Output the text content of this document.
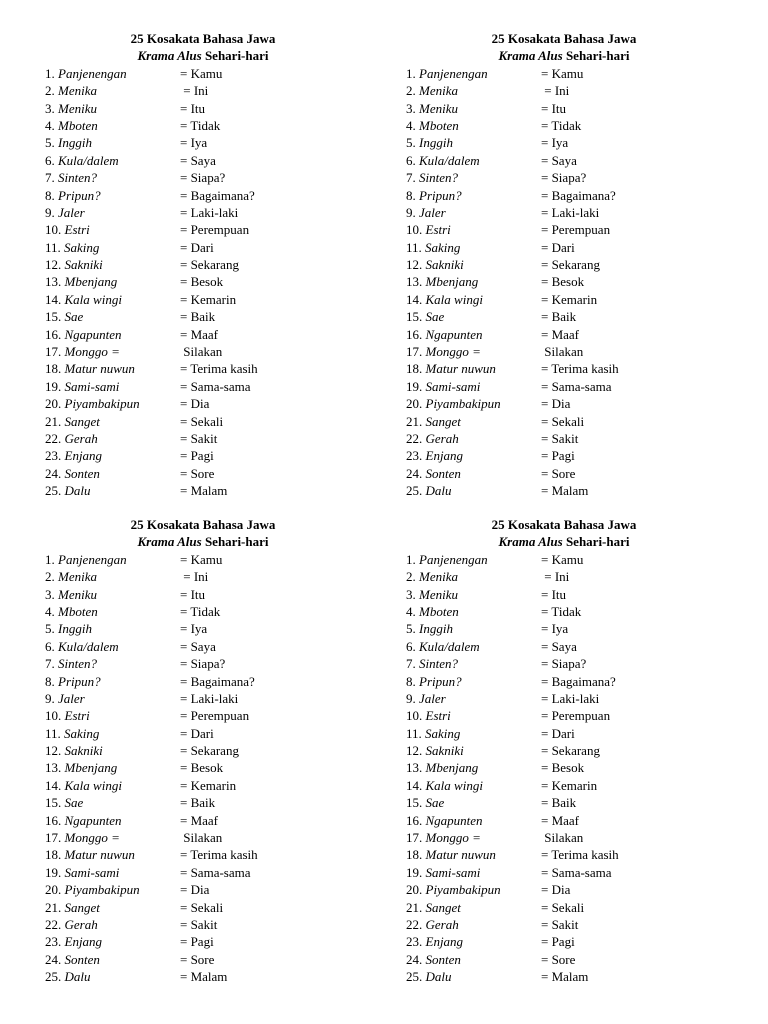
25 Kosakata Bahasa Jawa
Krama Alus Sehari-hari
1. Panjenengan	= Kamu
2. Menika	= Ini
3. Meniku	= Itu
4. Mboten	= Tidak
5. Inggih	= Iya
6. Kula/dalem	= Saya
7. Sinten?	= Siapa?
8. Pripun?	= Bagaimana?
9. Jaler	= Laki-laki
10. Estri	= Perempuan
11. Saking	= Dari
12. Sakniki	= Sekarang
13. Mbenjang	= Besok
14. Kala wingi	= Kemarin
15. Sae	= Baik
16. Ngapunten	= Maaf
17. Monggo =	Silakan
18. Matur nuwun	= Terima kasih
19. Sami-sami	= Sama-sama
20. Piyambakipun	= Dia
21. Sanget	= Sekali
22. Gerah	= Sakit
23. Enjang	= Pagi
24. Sonten	= Sore
25. Dalu	= Malam
25 Kosakata Bahasa Jawa
Krama Alus Sehari-hari
1. Panjenengan	= Kamu
2. Menika	= Ini
3. Meniku	= Itu
4. Mboten	= Tidak
5. Inggih	= Iya
6. Kula/dalem	= Saya
7. Sinten?	= Siapa?
8. Pripun?	= Bagaimana?
9. Jaler	= Laki-laki
10. Estri	= Perempuan
11. Saking	= Dari
12. Sakniki	= Sekarang
13. Mbenjang	= Besok
14. Kala wingi	= Kemarin
15. Sae	= Baik
16. Ngapunten	= Maaf
17. Monggo =	Silakan
18. Matur nuwun	= Terima kasih
19. Sami-sami	= Sama-sama
20. Piyambakipun	= Dia
21. Sanget	= Sekali
22. Gerah	= Sakit
23. Enjang	= Pagi
24. Sonten	= Sore
25. Dalu	= Malam
25 Kosakata Bahasa Jawa
Krama Alus Sehari-hari
1. Panjenengan	= Kamu
2. Menika	= Ini
3. Meniku	= Itu
4. Mboten	= Tidak
5. Inggih	= Iya
6. Kula/dalem	= Saya
7. Sinten?	= Siapa?
8. Pripun?	= Bagaimana?
9. Jaler	= Laki-laki
10. Estri	= Perempuan
11. Saking	= Dari
12. Sakniki	= Sekarang
13. Mbenjang	= Besok
14. Kala wingi	= Kemarin
15. Sae	= Baik
16. Ngapunten	= Maaf
17. Monggo =	Silakan
18. Matur nuwun	= Terima kasih
19. Sami-sami	= Sama-sama
20. Piyambakipun	= Dia
21. Sanget	= Sekali
22. Gerah	= Sakit
23. Enjang	= Pagi
24. Sonten	= Sore
25. Dalu	= Malam
25 Kosakata Bahasa Jawa
Krama Alus Sehari-hari
1. Panjenengan	= Kamu
2. Menika	= Ini
3. Meniku	= Itu
4. Mboten	= Tidak
5. Inggih	= Iya
6. Kula/dalem	= Saya
7. Sinten?	= Siapa?
8. Pripun?	= Bagaimana?
9. Jaler	= Laki-laki
10. Estri	= Perempuan
11. Saking	= Dari
12. Sakniki	= Sekarang
13. Mbenjang	= Besok
14. Kala wingi	= Kemarin
15. Sae	= Baik
16. Ngapunten	= Maaf
17. Monggo =	Silakan
18. Matur nuwun	= Terima kasih
19. Sami-sami	= Sama-sama
20. Piyambakipun	= Dia
21. Sanget	= Sekali
22. Gerah	= Sakit
23. Enjang	= Pagi
24. Sonten	= Sore
25. Dalu	= Malam
